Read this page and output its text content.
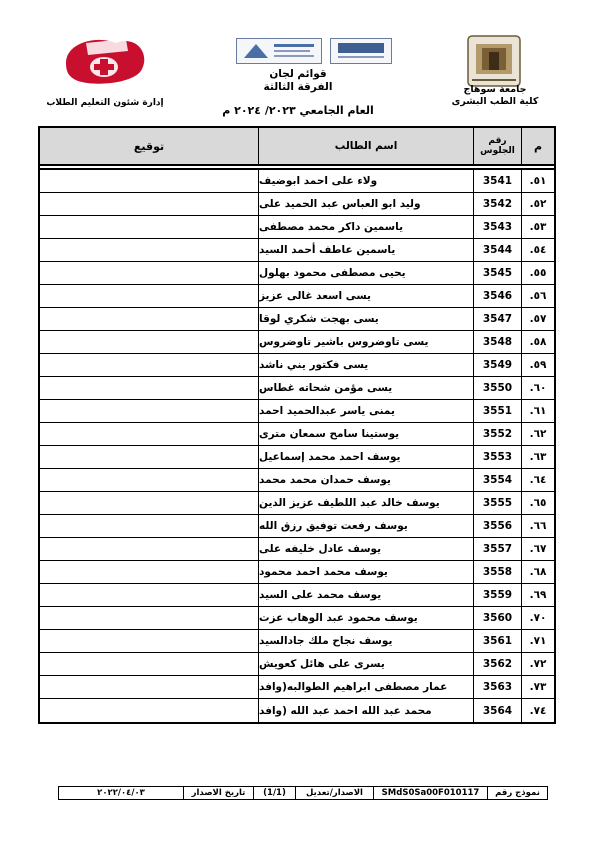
جامعة سوهاج
كلية الطب البشرى
قوائم لجان
الفرقة الثالثة
العام الجامعي ٢٠٢٣/ ٢٠٢٤ م
إدارة شئون التعليم الطلاب
م
رقم الجلوس
اسم الطالب
توقيع
.٥١
3541
ولاء على احمد ابوضيف
.٥٢
3542
وليد ابو العباس عبد الحميد على
.٥٣
3543
ياسمين داكر محمد مصطفى
.٥٤
3544
ياسمين عاطف أحمد السيد
.٥٥
3545
يحيى مصطفى محمود بهلول
.٥٦
3546
يسى اسعد غالى عزيز
.٥٧
3547
يسى بهجت شكري لوقا
.٥٨
3548
يسى تاوضروس باشير تاوضروس
.٥٩
3549
يسى فكتور يني ناشد
.٦٠
3550
يسى مؤمن شحاته غطاس
.٦١
3551
يمنى ياسر عبدالحميد احمد
.٦٢
3552
يوستينا سامح سمعان مترى
.٦٣
3553
يوسف احمد محمد إسماعيل
.٦٤
3554
يوسف حمدان محمد محمد
.٦٥
3555
يوسف خالد عبد اللطيف عزيز الدين
.٦٦
3556
يوسف رفعت توفيق رزق الله
.٦٧
3557
يوسف عادل خليفه على
.٦٨
3558
يوسف محمد احمد محمود
.٦٩
3559
يوسف محمد على السيد
.٧٠
3560
يوسف محمود عبد الوهاب عزت
.٧١
3561
يوسف نجاح ملك جادالسيد
.٧٢
3562
يسرى على هائل كعويش
.٧٣
3563
عمار مصطفى ابراهيم الطوالبه(وافد
.٧٤
3564
محمد عبد الله احمد عبد الله (وافد
نموذج رقم
SMdS0Sa00F010117
الاصدار/تعديل
(1/1)
تاريخ الاصدار
٢٠٢٢/٠٤/٠٣
